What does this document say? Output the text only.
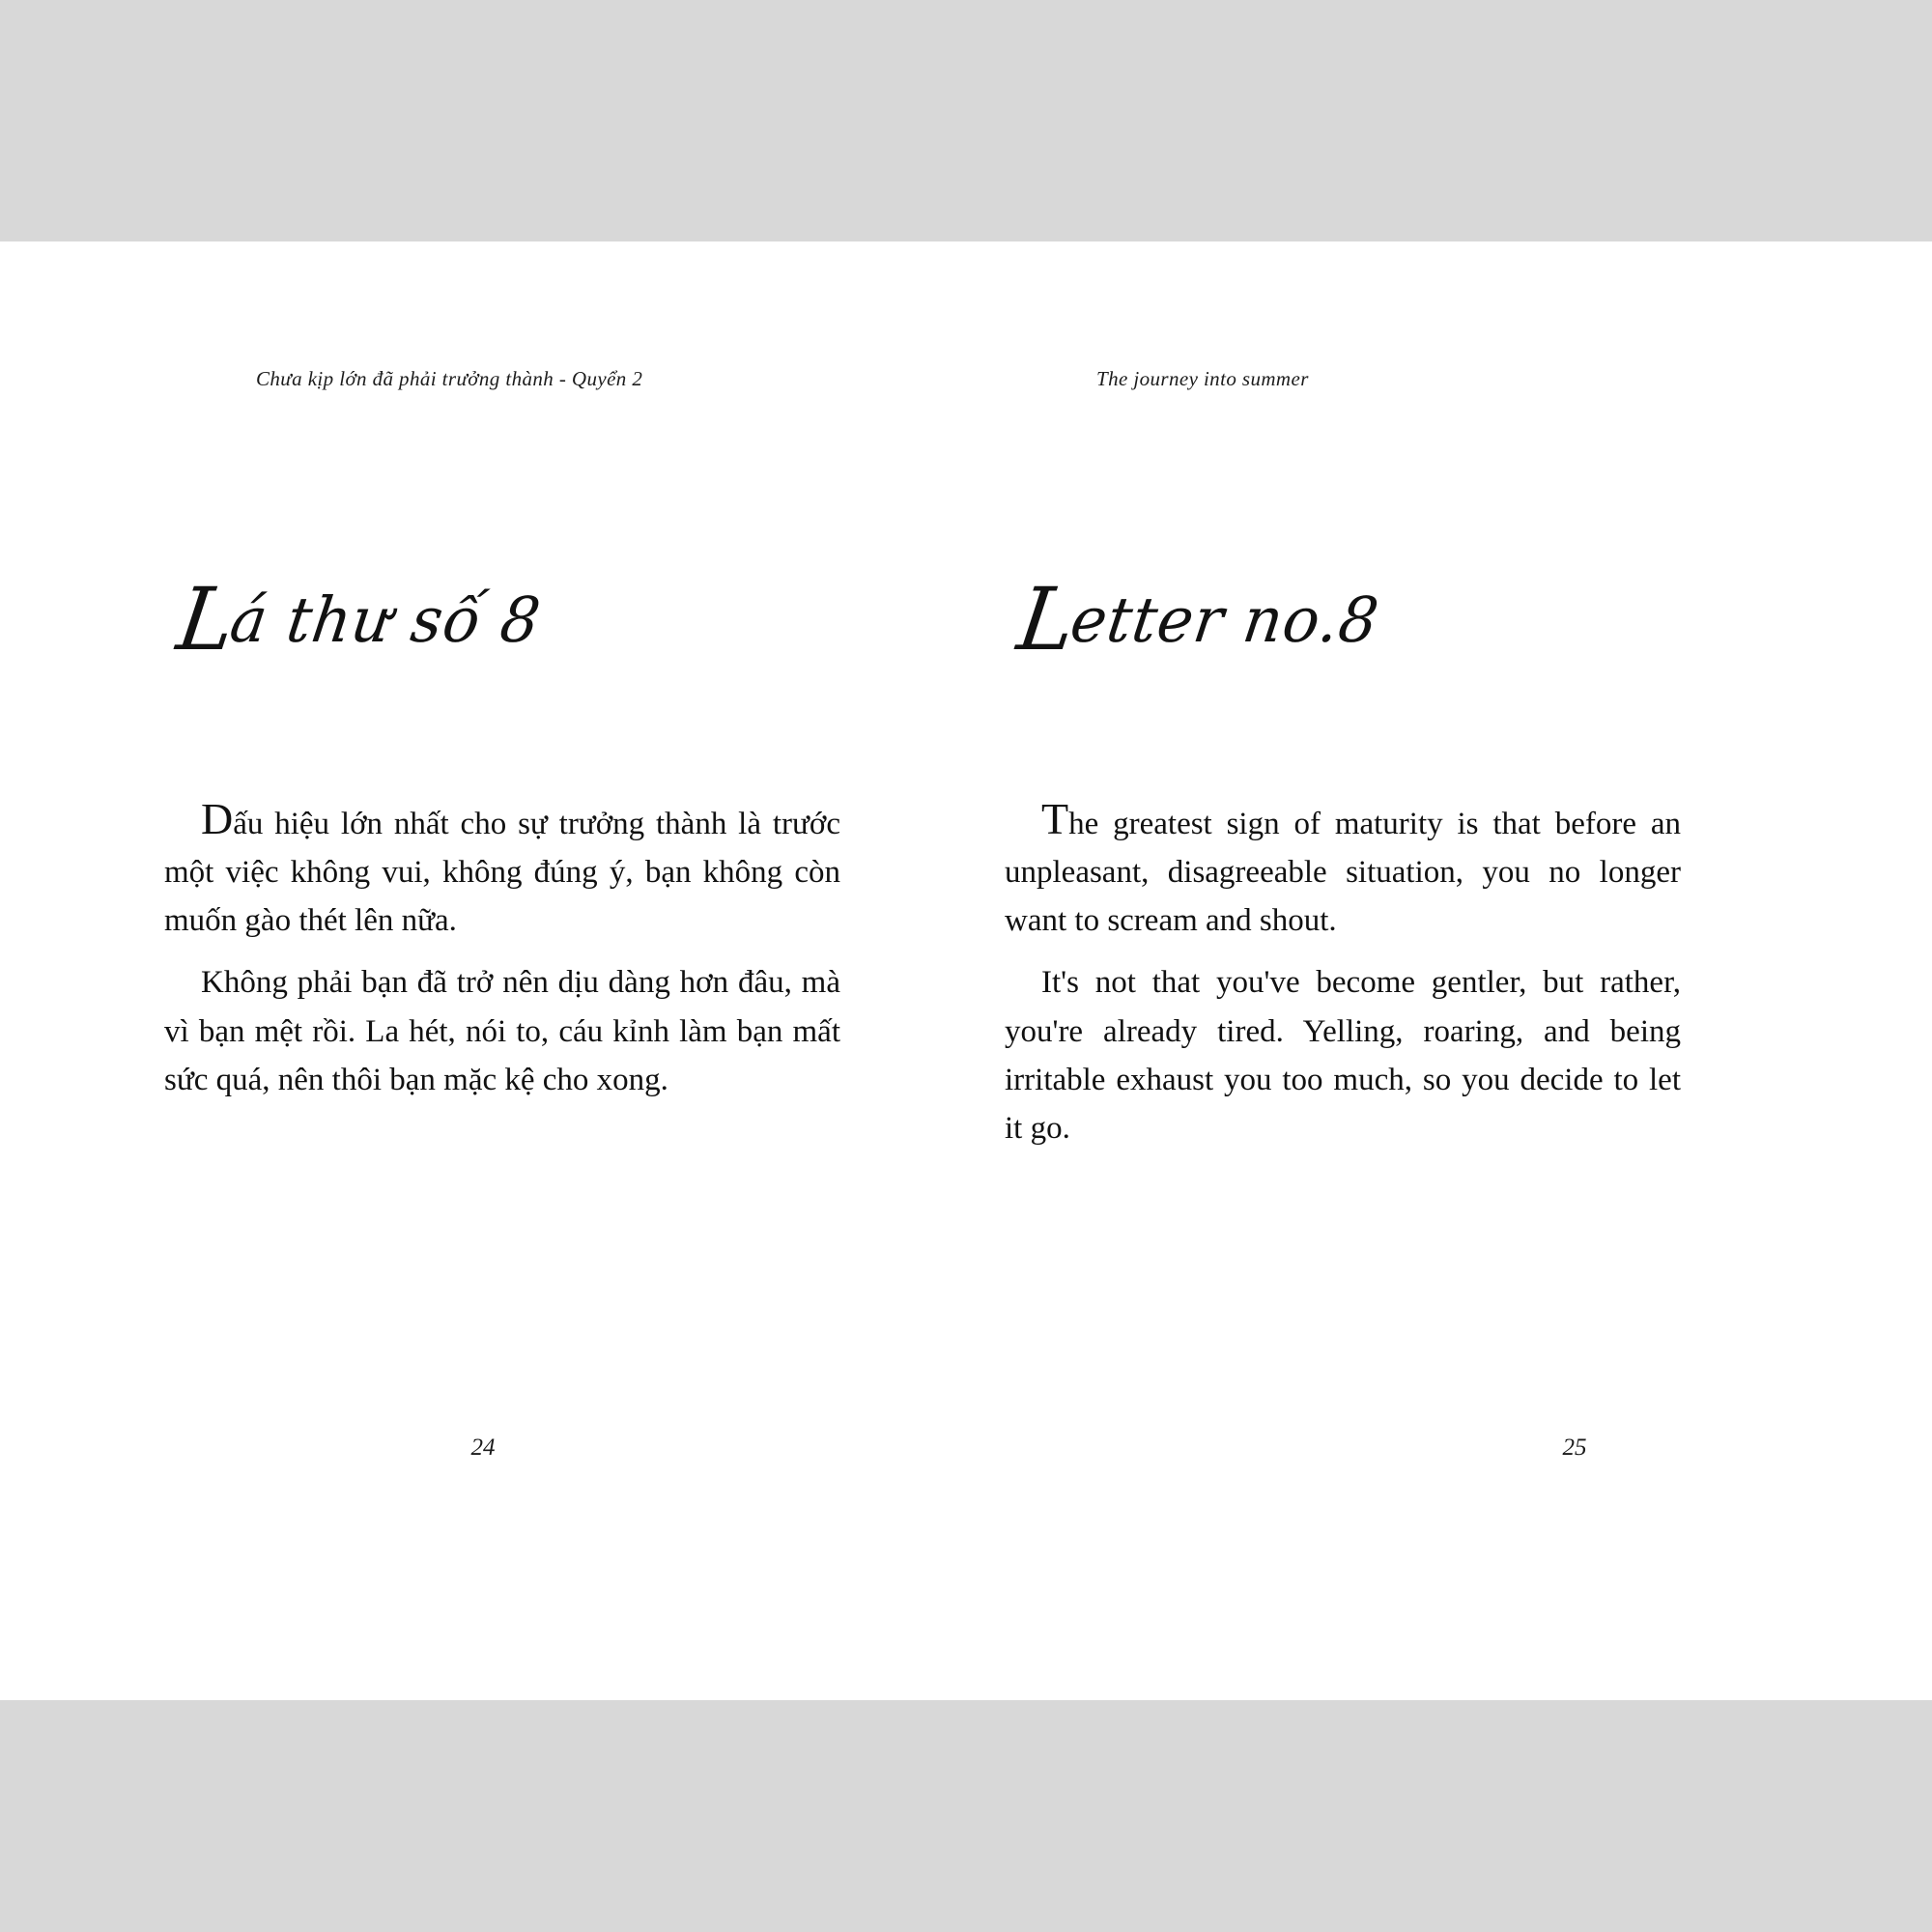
Chưa kịp lớn đã phải trưởng thành - Quyển 2
Lá thư số 8

Dấu hiệu lớn nhất cho sự trưởng thành là trước một việc không vui, không đúng ý, bạn không còn muốn gào thét lên nữa.

Không phải bạn đã trở nên dịu dàng hơn đâu, mà vì bạn mệt rồi. La hét, nói to, cáu kỉnh làm bạn mất sức quá, nên thôi bạn mặc kệ cho xong.

24
The journey into summer
Letter no.8

The greatest sign of maturity is that before an unpleasant, disagreeable situation, you no longer want to scream and shout.

It's not that you've become gentler, but rather, you're already tired. Yelling, roaring, and being irritable exhaust you too much, so you decide to let it go.

25
